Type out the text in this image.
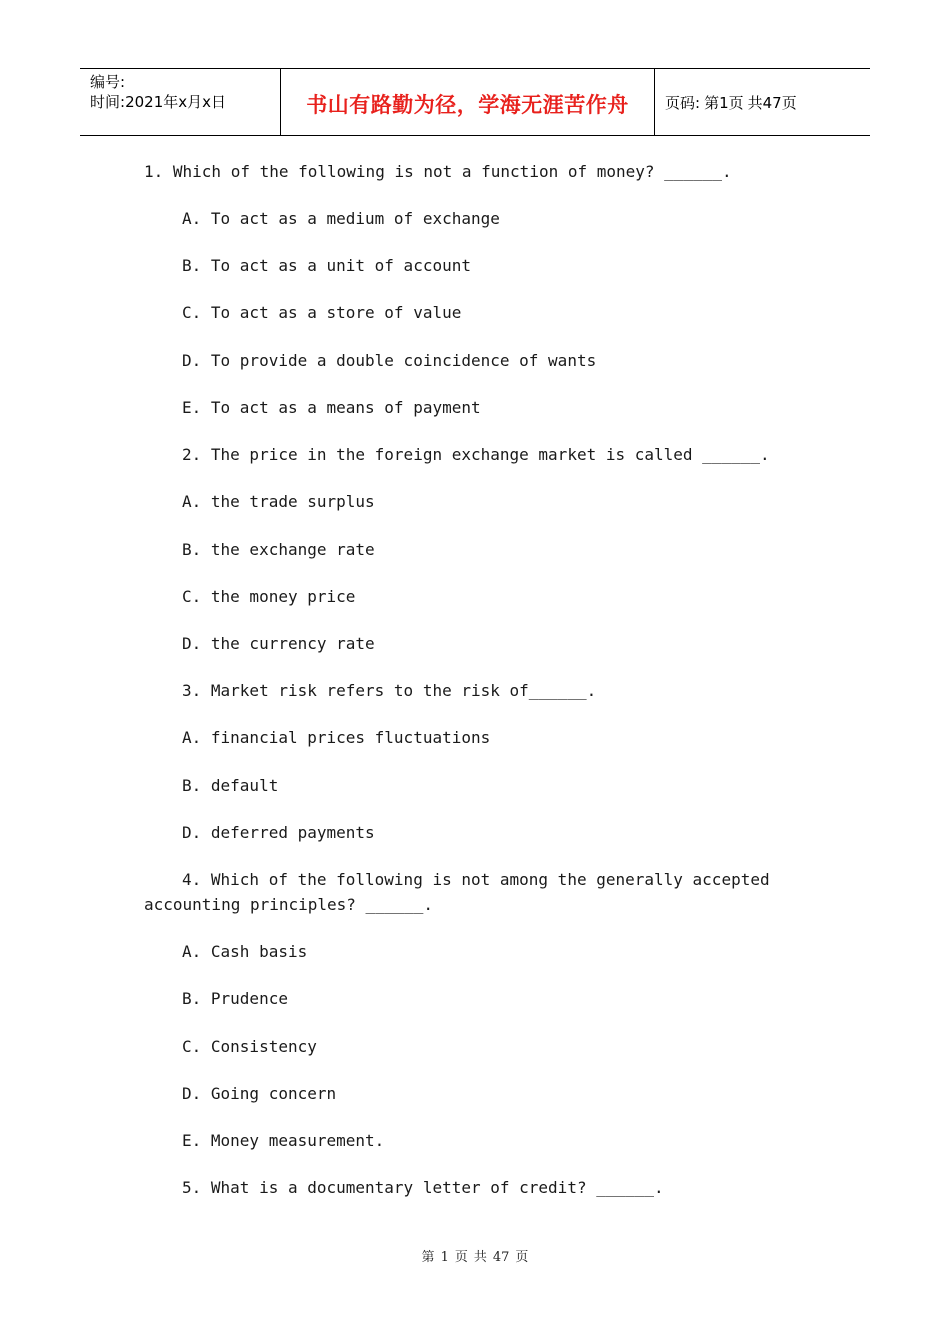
编号:
时间:2021年x月x日	书山有路勤为径，学海无涯苦作舟 页码: 第1页 共47页
1. Which of the following is not a function of money? ______.
A. To act as a medium of exchange
B. To act as a unit of account
C. To act as a store of value
D. To provide a double coincidence of wants
E. To act as a means of payment
2. The price in the foreign exchange market is called ______.
A. the trade surplus
B. the exchange rate
C. the money price
D. the currency rate
3. Market risk refers to the risk of______.
A. financial prices fluctuations
B. default
D. deferred payments
4. Which of the following is not among the generally accepted
accounting principles? ______.
A. Cash basis
B. Prudence
C. Consistency
D. Going concern
E. Money measurement.
5. What is a documentary letter of credit? ______.
第 1 页 共 47 页
